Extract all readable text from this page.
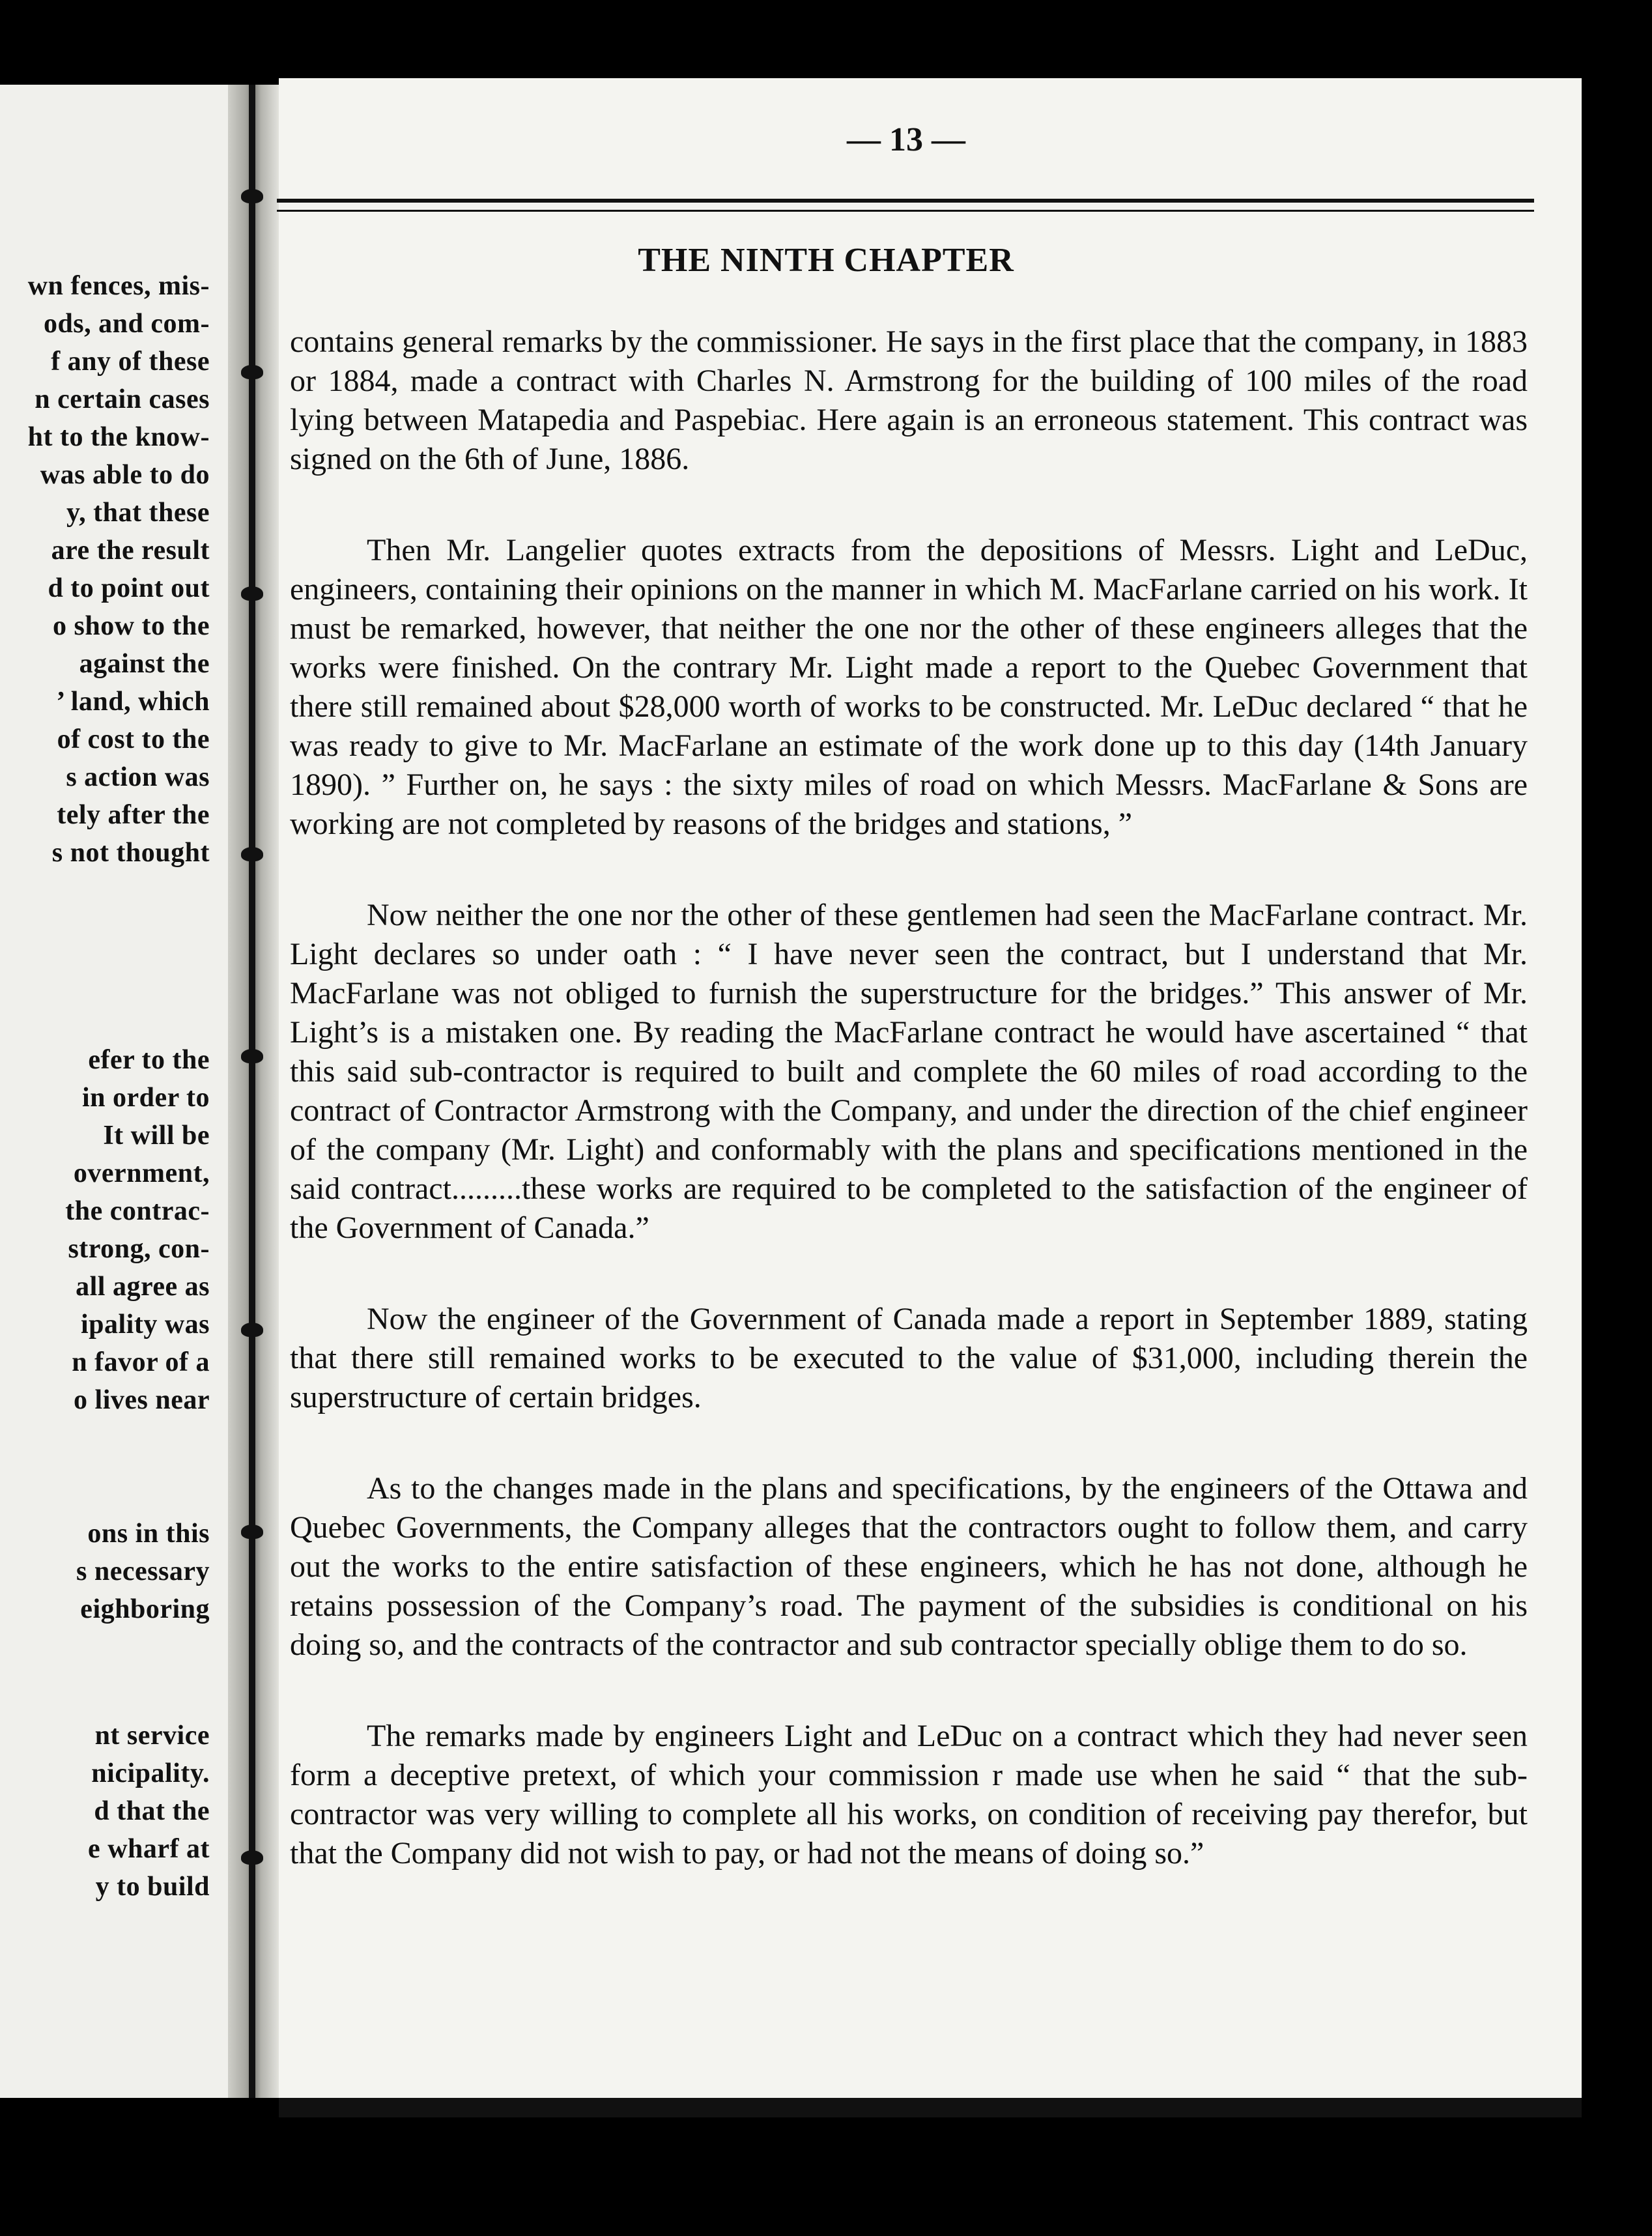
wn fences, mis-
ods, and com-
f any of these
n certain cases
ht to the know-
was able to do
y, that these
are the result
d to point out
o show to the
against the
’ land, which
of cost to the
s action was
tely after the
s not thought
efer to the
in order to
It will be
overnment,
the contrac-
strong, con-
all agree as
ipality was
n favor of a
o lives near
ons in this
s necessary
eighboring
nt service
nicipality.
d that the
e wharf at
y to build
— 13 —
THE NINTH CHAPTER

contains general remarks by the commissioner. He says in the first place that the company, in 1883 or 1884, made a contract with Charles N. Armstrong for the building of 100 miles of the road lying between Matapedia and Paspebiac. Here again is an erroneous statement. This contract was signed on the 6th of June, 1886.

Then Mr. Langelier quotes extracts from the depositions of Messrs. Light and LeDuc, engineers, containing their opinions on the manner in which M. MacFarlane carried on his work. It must be remarked, however, that neither the one nor the other of these engineers alleges that the works were finished. On the contrary Mr. Light made a report to the Quebec Government that there still remained about $28,000 worth of works to be constructed. Mr. LeDuc declared “ that he was ready to give to Mr. MacFarlane an estimate of the work done up to this day (14th January 1890). ” Further on, he says : the sixty miles of road on which Messrs. MacFarlane & Sons are working are not completed by reasons of the bridges and stations, ”

Now neither the one nor the other of these gentlemen had seen the MacFarlane contract. Mr. Light declares so under oath : “ I have never seen the contract, but I understand that Mr. MacFarlane was not obliged to furnish the superstructure for the bridges.” This answer of Mr. Light’s is a mistaken one. By reading the MacFarlane contract he would have ascertained “ that this said sub-contractor is required to built and complete the 60 miles of road according to the contract of Contractor Armstrong with the Company, and under the direction of the chief engineer of the company (Mr. Light) and conformably with the plans and specifications mentioned in the said contract.........these works are required to be completed to the satisfaction of the engineer of the Government of Canada.”

Now the engineer of the Government of Canada made a report in September 1889, stating that there still remained works to be executed to the value of $31,000, including therein the superstructure of certain bridges.

As to the changes made in the plans and specifications, by the engineers of the Ottawa and Quebec Governments, the Company alleges that the contractors ought to follow them, and carry out the works to the entire satisfaction of these engineers, which he has not done, although he retains possession of the Company’s road. The payment of the subsidies is conditional on his doing so, and the contracts of the contractor and sub contractor specially oblige them to do so.

The remarks made by engineers Light and LeDuc on a contract which they had never seen form a deceptive pretext, of which your commission r made use when he said “ that the sub-contractor was very willing to complete all his works, on condition of receiving pay therefor, but that the Company did not wish to pay, or had not the means of doing so.”
